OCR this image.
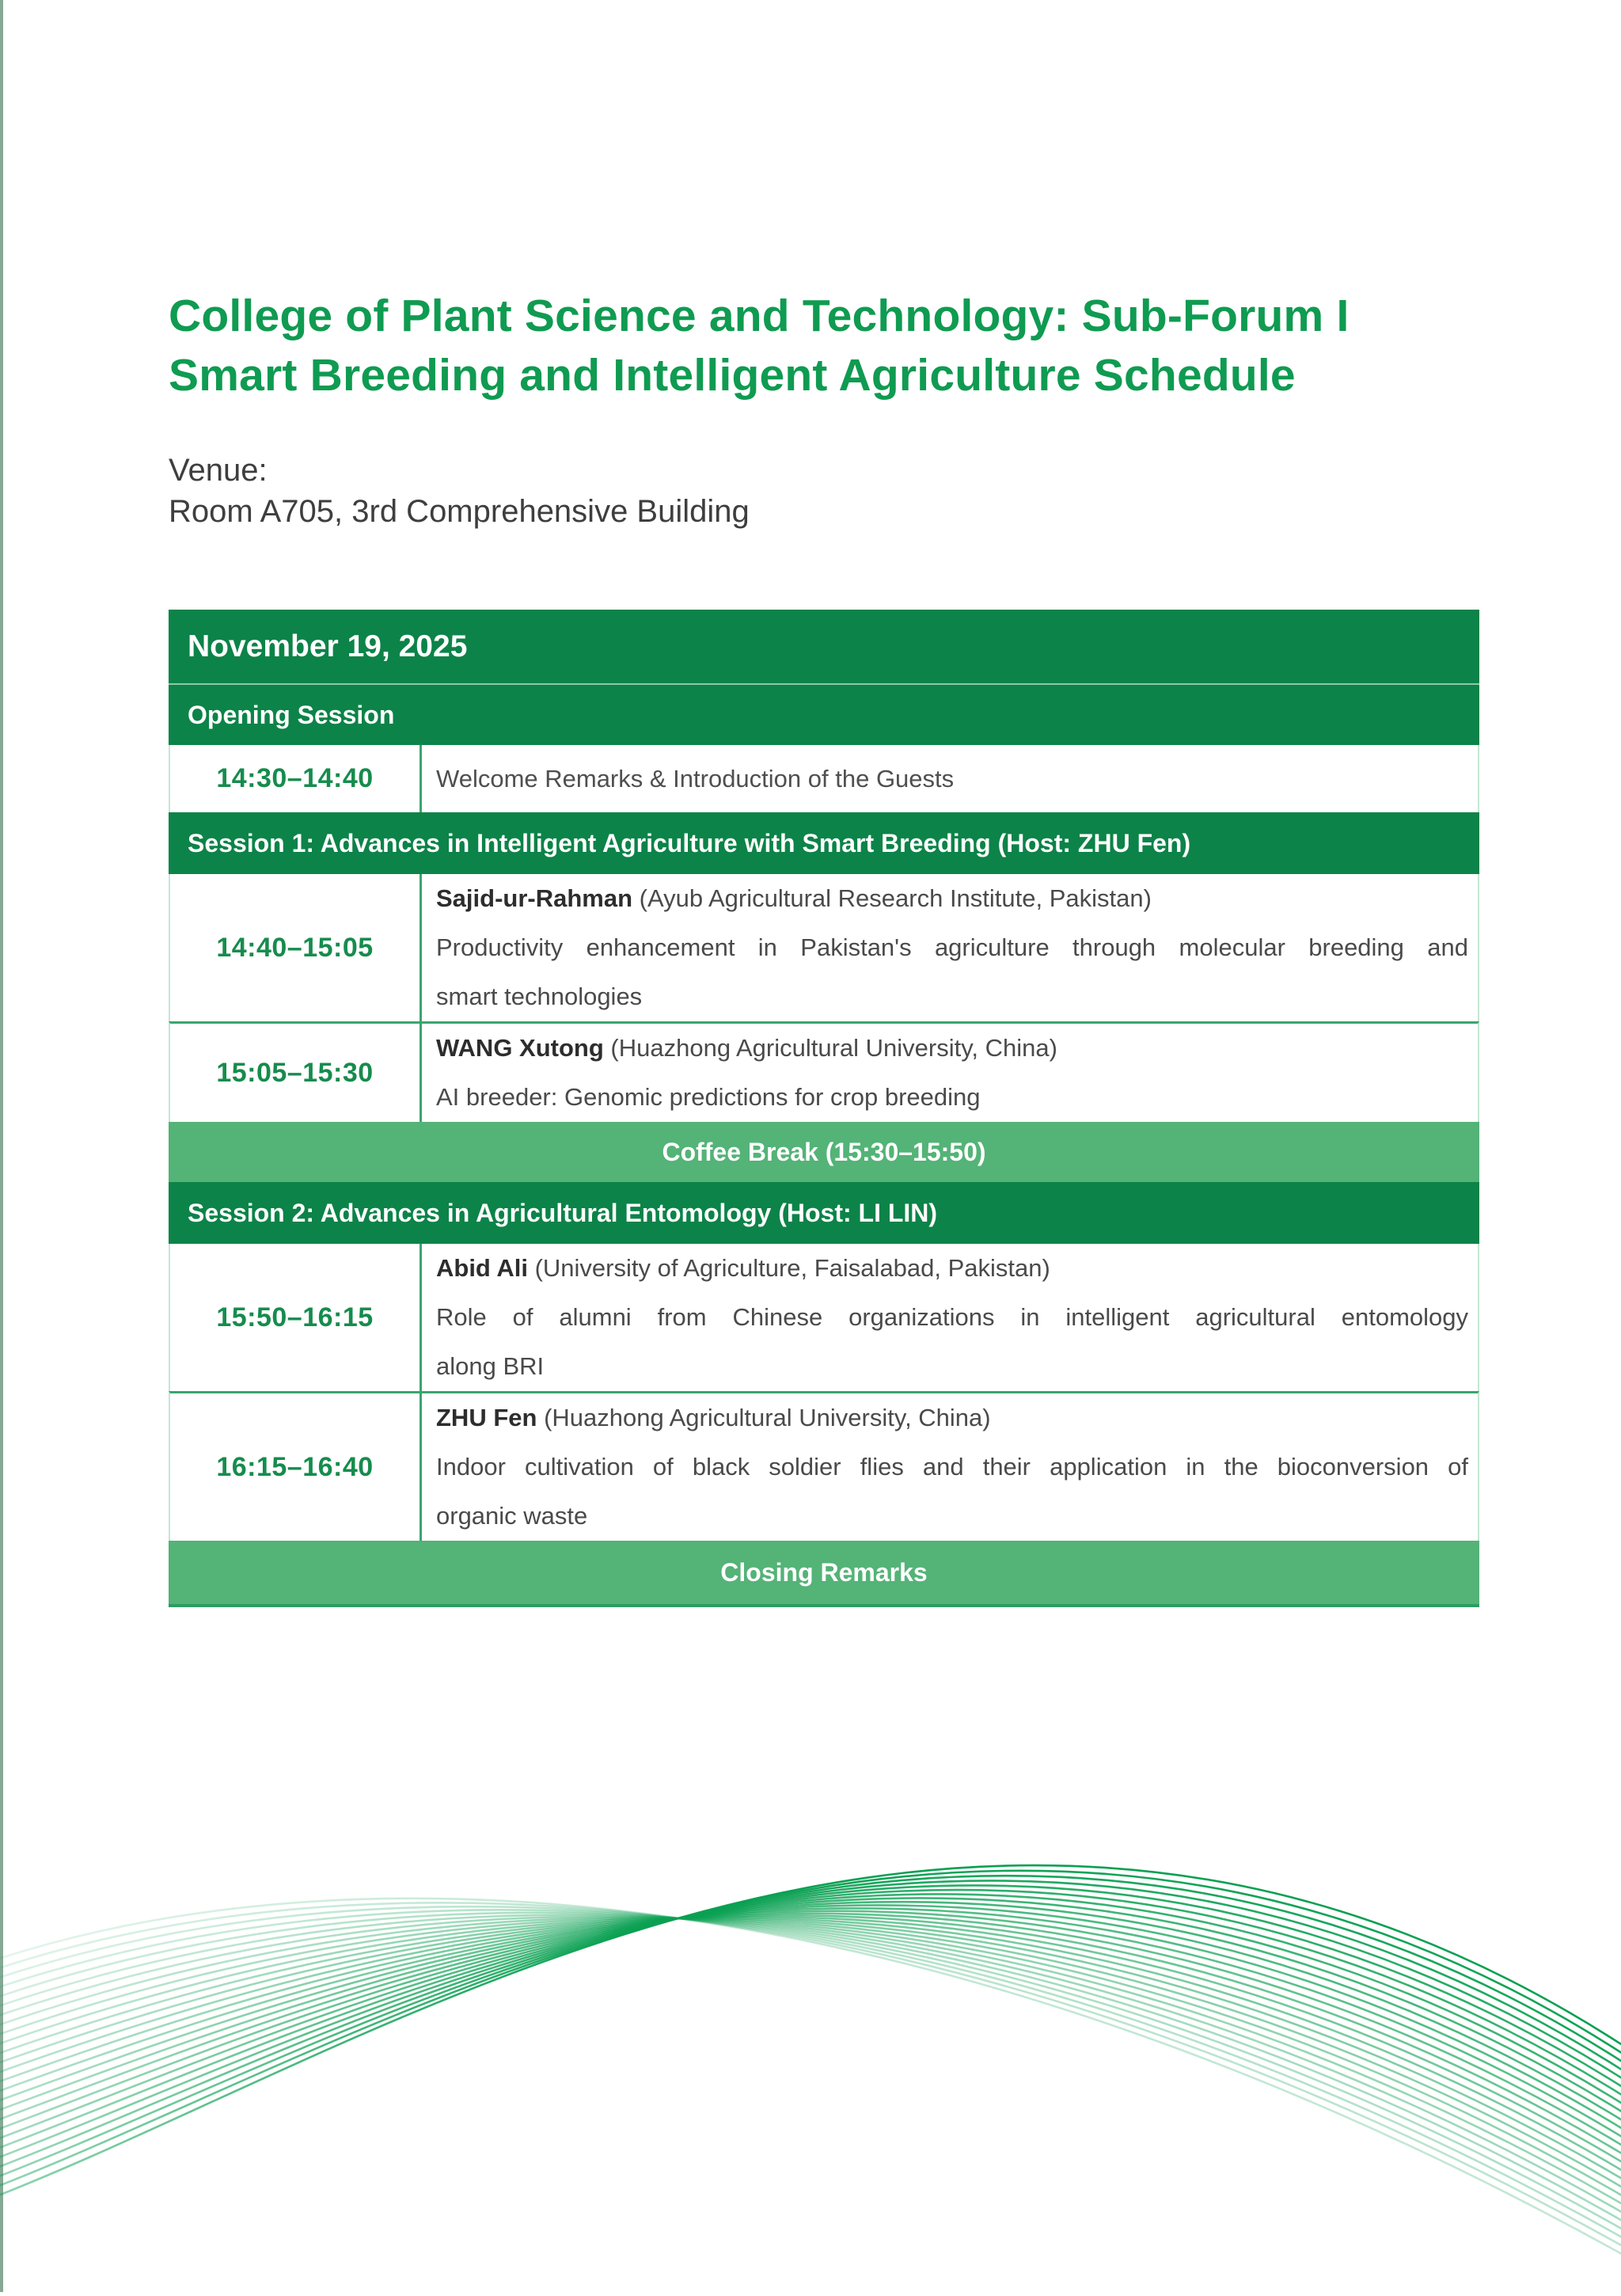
College of Plant Science and Technology: Sub-Forum I
Smart Breeding and Intelligent Agriculture Schedule
Venue:
Room A705, 3rd Comprehensive Building
November 19, 2025
Opening Session
14:30–14:40	Welcome Remarks & Introduction of the Guests
Session 1: Advances in Intelligent Agriculture with Smart Breeding (Host: ZHU Fen)
14:40–15:05
Sajid-ur-Rahman (Ayub Agricultural Research Institute, Pakistan)
Productivity enhancement in Pakistan's agriculture through molecular breeding and
smart technologies
15:05–15:30
WANG Xutong (Huazhong Agricultural University, China)
AI breeder: Genomic predictions for crop breeding
Coffee Break (15:30–15:50)
Session 2: Advances in Agricultural Entomology (Host: LI LIN)
15:50–16:15
Abid Ali (University of Agriculture, Faisalabad, Pakistan)
Role of alumni from Chinese organizations in intelligent agricultural entomology
along BRI
16:15–16:40
ZHU Fen (Huazhong Agricultural University, China)
Indoor cultivation of black soldier flies and their application in the bioconversion of
organic waste
Closing Remarks
